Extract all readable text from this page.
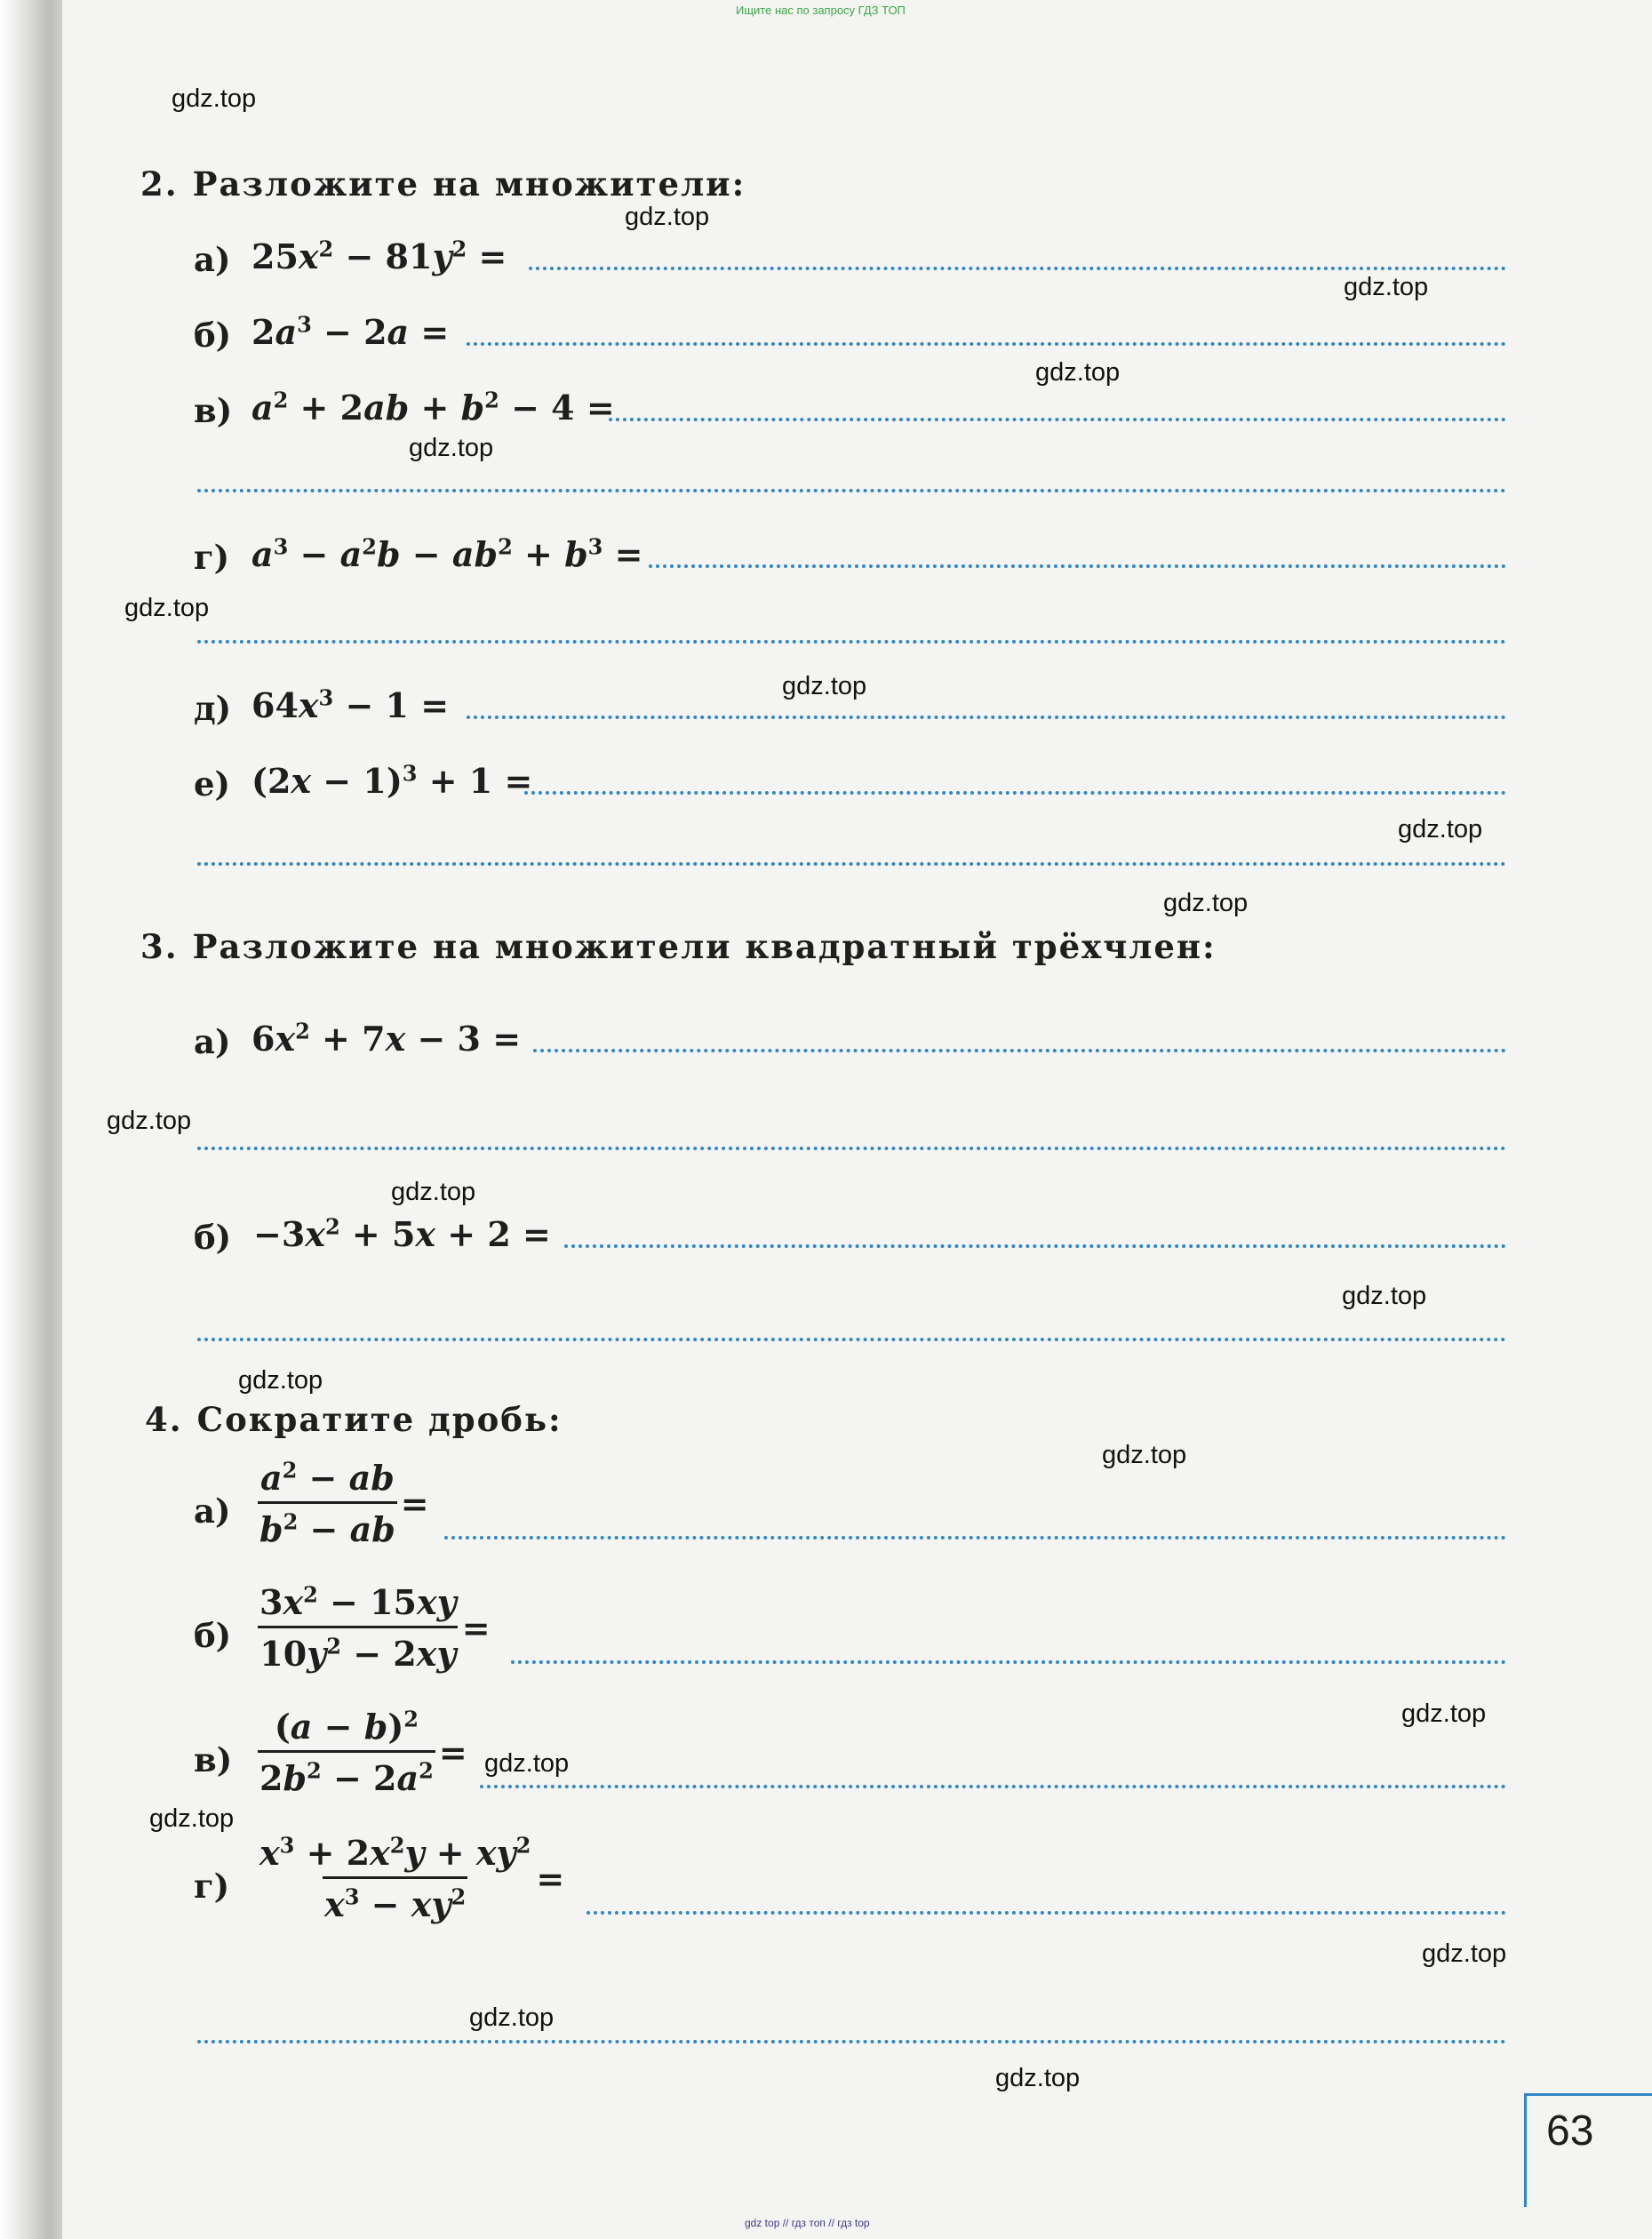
Ищите нас по запросу ГДЗ ТОП
gdz.top
gdz.top
gdz.top
gdz.top
gdz.top
gdz.top
gdz.top
gdz.top
gdz.top
gdz.top
gdz.top
gdz.top
gdz.top
gdz.top
gdz.top
gdz.top
gdz.top
gdz.top
gdz.top
gdz.top
2. Разложите на множители:
а) $25x^2 - 81y^2$ =
б) $2a^3 - 2a$ =
в) $a^2 + 2ab + b^2 - 4$ =
г) $a^3 - a^2b - ab^2 + b^3$ =
д) $64x^3 - 1$ =
е) $(2x - 1)^3 + 1$ =
3. Разложите на множители квадратный трёхчлен:
а) $6x^2 + 7x - 3$ =
$б) -3x^2 + 5x + 2$ =
4. Сократите дробь:
$а) \frac{a^2 - ab}{b^2 - ab}$ =
$б) \frac{3x^2 - 15xy}{10y^2 - 2xy}$ =
$в) \frac{(a - b)^2}{2b^2 - 2a^2}$ =
$г) \frac{x^3 + 2x^2y + xy^2}{x^3 - xy^2}$ =
63
gdz top // гдз топ // гдз top
